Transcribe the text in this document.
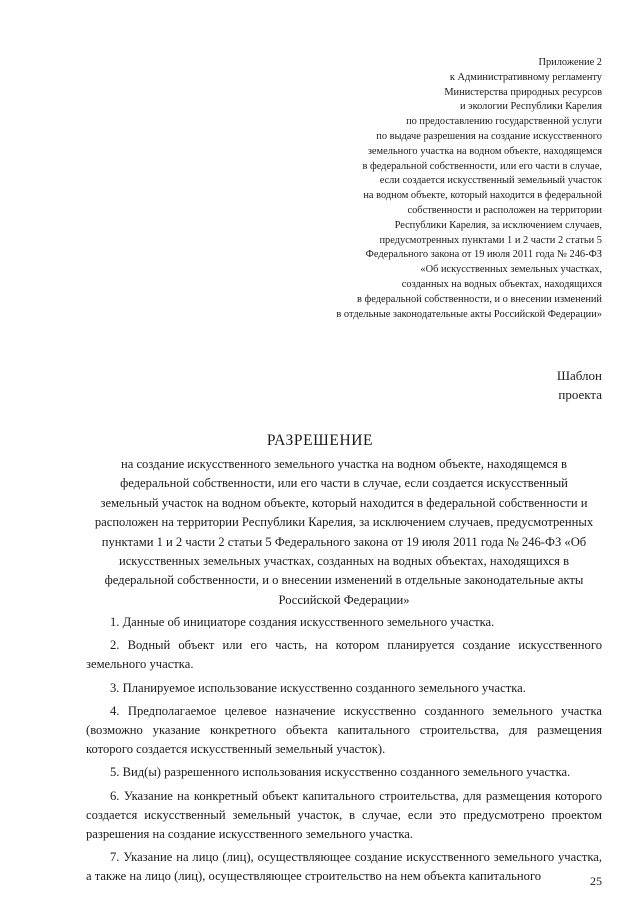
Приложение 2
к Административному регламенту
Министерства природных ресурсов
и экологии Республики Карелия
по предоставлению государственной услуги
по выдаче разрешения на создание искусственного
земельного участка на водном объекте, находящемся
в федеральной собственности, или его части в случае,
если создается искусственный земельный участок
на водном объекте, который находится в федеральной
собственности и расположен на территории
Республики Карелия, за исключением случаев,
предусмотренных пунктами 1 и 2 части 2 статьи 5
Федерального закона от 19 июля 2011 года № 246-ФЗ
«Об искусственных земельных участках,
созданных на водных объектах, находящихся
в федеральной собственности, и о внесении изменений
в отдельные законодательные акты Российской Федерации»
Шаблон
проекта
РАЗРЕШЕНИЕ
на создание искусственного земельного участка на водном объекте, находящемся в
федеральной собственности, или его части в случае, если создается искусственный
земельный участок на водном объекте, который находится в федеральной собственности и
расположен на территории Республики Карелия, за исключением случаев, предусмотренных
пунктами 1 и 2 части 2 статьи 5 Федерального закона от 19 июля 2011 года № 246-ФЗ «Об
искусственных земельных участках, созданных на водных объектах, находящихся в
федеральной собственности, и о внесении изменений в отдельные законодательные акты
Российской Федерации»

1. Данные об инициаторе создания искусственного земельного участка.

2. Водный объект или его часть, на котором планируется создание искусственного земельного участка.

3. Планируемое использование искусственно созданного земельного участка.

4. Предполагаемое целевое назначение искусственно созданного земельного участка (возможно указание конкретного объекта капитального строительства, для размещения которого создается искусственный земельный участок).

5. Вид(ы) разрешенного использования искусственно созданного земельного участка.

6. Указание на конкретный объект капитального строительства, для размещения которого создается искусственный земельный участок, в случае, если это предусмотрено проектом разрешения на создание искусственного земельного участка.

7. Указание на лицо (лиц), осуществляющее создание искусственного земельного участка, а также на лицо (лиц), осуществляющее строительство на нем объекта капитального	25
